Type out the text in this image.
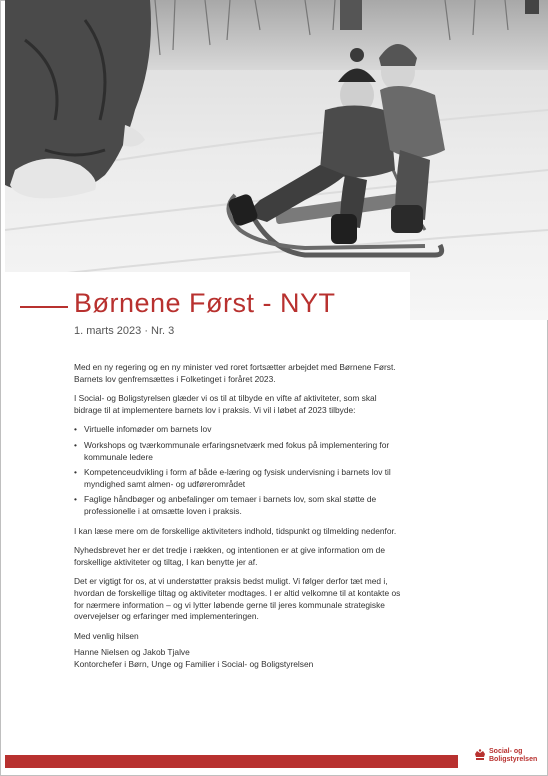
Børnene Først - NYT
1. marts 2023 · Nr. 3

Med en ny regering og en ny minister ved roret fortsætter arbejdet med Børnene Først. Barnets lov genfremsættes i Folketinget i foråret 2023.

I Social- og Boligstyrelsen glæder vi os til at tilbyde en vifte af aktiviteter, som skal bidrage til at implementere barnets lov i praksis. Vi vil i løbet af 2023 tilbyde:

• Virtuelle infomøder om barnets lov
• Workshops og tværkommunale erfaringsnetværk med fokus på implementering for kommunale ledere
• Kompetenceudvikling i form af både e-læring og fysisk undervisning i barnets lov til myndighed samt almen- og udførerområdet
• Faglige håndbøger og anbefalinger om temaer i barnets lov, som skal støtte de professionelle i at omsætte loven i praksis.

I kan læse mere om de forskellige aktiviteters indhold, tidspunkt og tilmelding nedenfor.

Nyhedsbrevet her er det tredje i rækken, og intentionen er at give information om de forskellige aktiviteter og tiltag, I kan benytte jer af.

Det er vigtigt for os, at vi understøtter praksis bedst muligt. Vi følger derfor tæt med i, hvordan de forskellige tiltag og aktiviteter modtages. I er altid velkomne til at kontakte os for nærmere information – og vi lytter løbende gerne til jeres kommunale strategiske overvejelser og erfaringer med implementeringen.

Med venlig hilsen

Hanne Nielsen og Jakob Tjalve

Kontorchefer i Børn, Unge og Familier i Social- og Boligstyrelsen

Social- og
Boligstyrelsen
